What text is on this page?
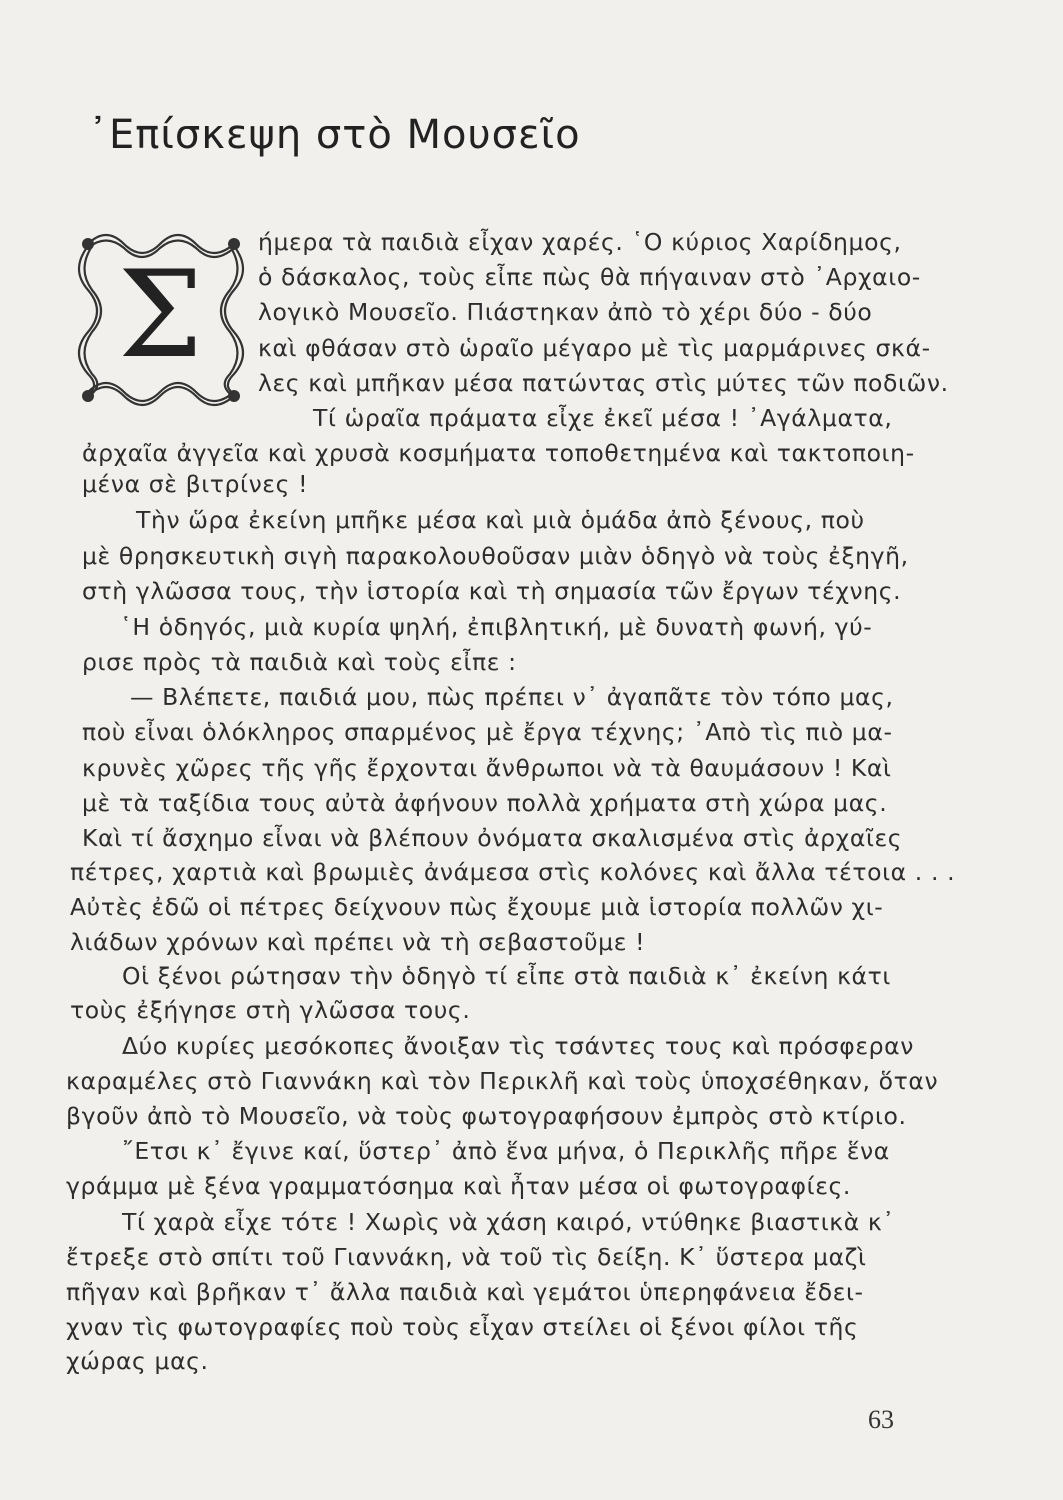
᾿Επίσκεψη στὸ Μουσεῖο
Σ

ήμερα τὰ παιδιὰ εἶχαν χαρές. ῾Ο κύριος Χαρίδημος,

ὁ δάσκαλος, τοὺς εἶπε πὼς θὰ πήγαιναν στὸ ᾿Αρχαιο-

λογικὸ Μουσεῖο. Πιάστηκαν ἀπὸ τὸ χέρι δύο - δύο

καὶ φθάσαν στὸ ὡραῖο μέγαρο μὲ τὶς μαρμάρινες σκά-

λες καὶ μπῆκαν μέσα πατώντας στὶς μύτες τῶν ποδιῶν.

Τί ὡραῖα πράματα εἶχε ἐκεῖ μέσα ! ᾿Αγάλματα,

ἀρχαῖα ἀγγεῖα καὶ χρυσὰ κοσμήματα τοποθετημένα καὶ τακτοποιη-

μένα σὲ βιτρίνες !

Τὴν ὥρα ἐκείνη μπῆκε μέσα καὶ μιὰ ὁμάδα ἀπὸ ξένους, ποὺ

μὲ θρησκευτικὴ σιγὴ παρακολουθοῦσαν μιὰν ὁδηγὸ νὰ τοὺς ἐξηγῆ,

στὴ γλῶσσα τους, τὴν ἱστορία καὶ τὴ σημασία τῶν ἔργων τέχνης.

῾Η ὁδηγός, μιὰ κυρία ψηλή, ἐπιβλητική, μὲ δυνατὴ φωνή, γύ-

ρισε πρὸς τὰ παιδιὰ καὶ τοὺς εἶπε :

— Βλέπετε, παιδιά μου, πὼς πρέπει ν᾿ ἀγαπᾶτε τὸν τόπο μας,

ποὺ εἶναι ὁλόκληρος σπαρμένος μὲ ἔργα τέχνης; ᾿Απὸ τὶς πιὸ μα-

κρυνὲς χῶρες τῆς γῆς ἔρχονται ἄνθρωποι νὰ τὰ θαυμάσουν ! Καὶ

μὲ τὰ ταξίδια τους αὐτὰ ἀφήνουν πολλὰ χρήματα στὴ χώρα μας.

Καὶ τί ἄσχημο εἶναι νὰ βλέπουν ὀνόματα σκαλισμένα στὶς ἀρχαῖες

πέτρες, χαρτιὰ καὶ βρωμιὲς ἀνάμεσα στὶς κολόνες καὶ ἄλλα τέτοια . . .

Αὐτὲς ἐδῶ οἱ πέτρες δείχνουν πὼς ἔχουμε μιὰ ἱστορία πολλῶν χι-

λιάδων χρόνων καὶ πρέπει νὰ τὴ σεβαστοῦμε !

Οἱ ξένοι ρώτησαν τὴν ὁδηγὸ τί εἶπε στὰ παιδιὰ κ᾿ ἐκείνη κάτι

τοὺς ἐξήγησε στὴ γλῶσσα τους.

Δύο κυρίες μεσόκοπες ἄνοιξαν τὶς τσάντες τους καὶ πρόσφεραν

καραμέλες στὸ Γιαννάκη καὶ τὸν Περικλῆ καὶ τοὺς ὑποχσέθηκαν, ὅταν

βγοῦν ἀπὸ τὸ Μουσεῖο, νὰ τοὺς φωτογραφήσουν ἐμπρὸς στὸ κτίριο.

῎Ετσι κ᾿ ἔγινε καί, ὕστερ᾿ ἀπὸ ἕνα μήνα, ὁ Περικλῆς πῆρε ἕνα

γράμμα μὲ ξένα γραμματόσημα καὶ ἦταν μέσα οἱ φωτογραφίες.

Τί χαρὰ εἶχε τότε ! Χωρὶς νὰ χάση καιρό, ντύθηκε βιαστικὰ κ᾿

ἔτρεξε στὸ σπίτι τοῦ Γιαννάκη, νὰ τοῦ τὶς δείξη. Κ᾿ ὕστερα μαζὶ

πῆγαν καὶ βρῆκαν τ᾿ ἄλλα παιδιὰ καὶ γεμάτοι ὑπερηφάνεια ἔδει-

χναν τὶς φωτογραφίες ποὺ τοὺς εἶχαν στείλει οἱ ξένοι φίλοι τῆς

χώρας μας.

63
